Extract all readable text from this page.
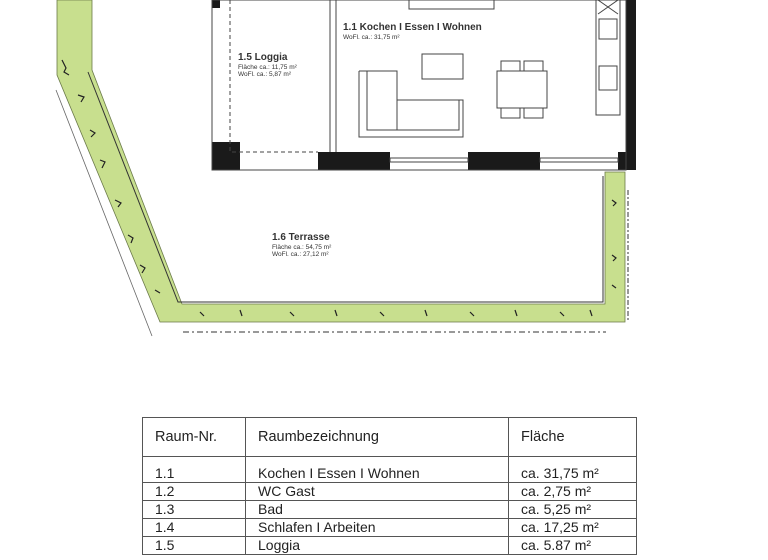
1.1 Kochen I Essen I Wohnen
WoFl. ca.: 31,75 m²
1.5 Loggia
Fläche ca.: 11,75 m²
WoFl. ca.: 5,87 m²
1.6 Terrasse
Fläche ca.: 54,75 m²
WoFl. ca.: 27,12 m²
Raum-Nr.	Raumbezeichnung	Fläche

1.1	Kochen I Essen I Wohnen	ca. 31,75 m²
1.2	WC Gast	ca. 2,75 m²
1.3	Bad	ca. 5,25 m²
1.4	Schlafen I Arbeiten	ca. 17,25 m²
1.5	Loggia	ca. 5.87 m²
